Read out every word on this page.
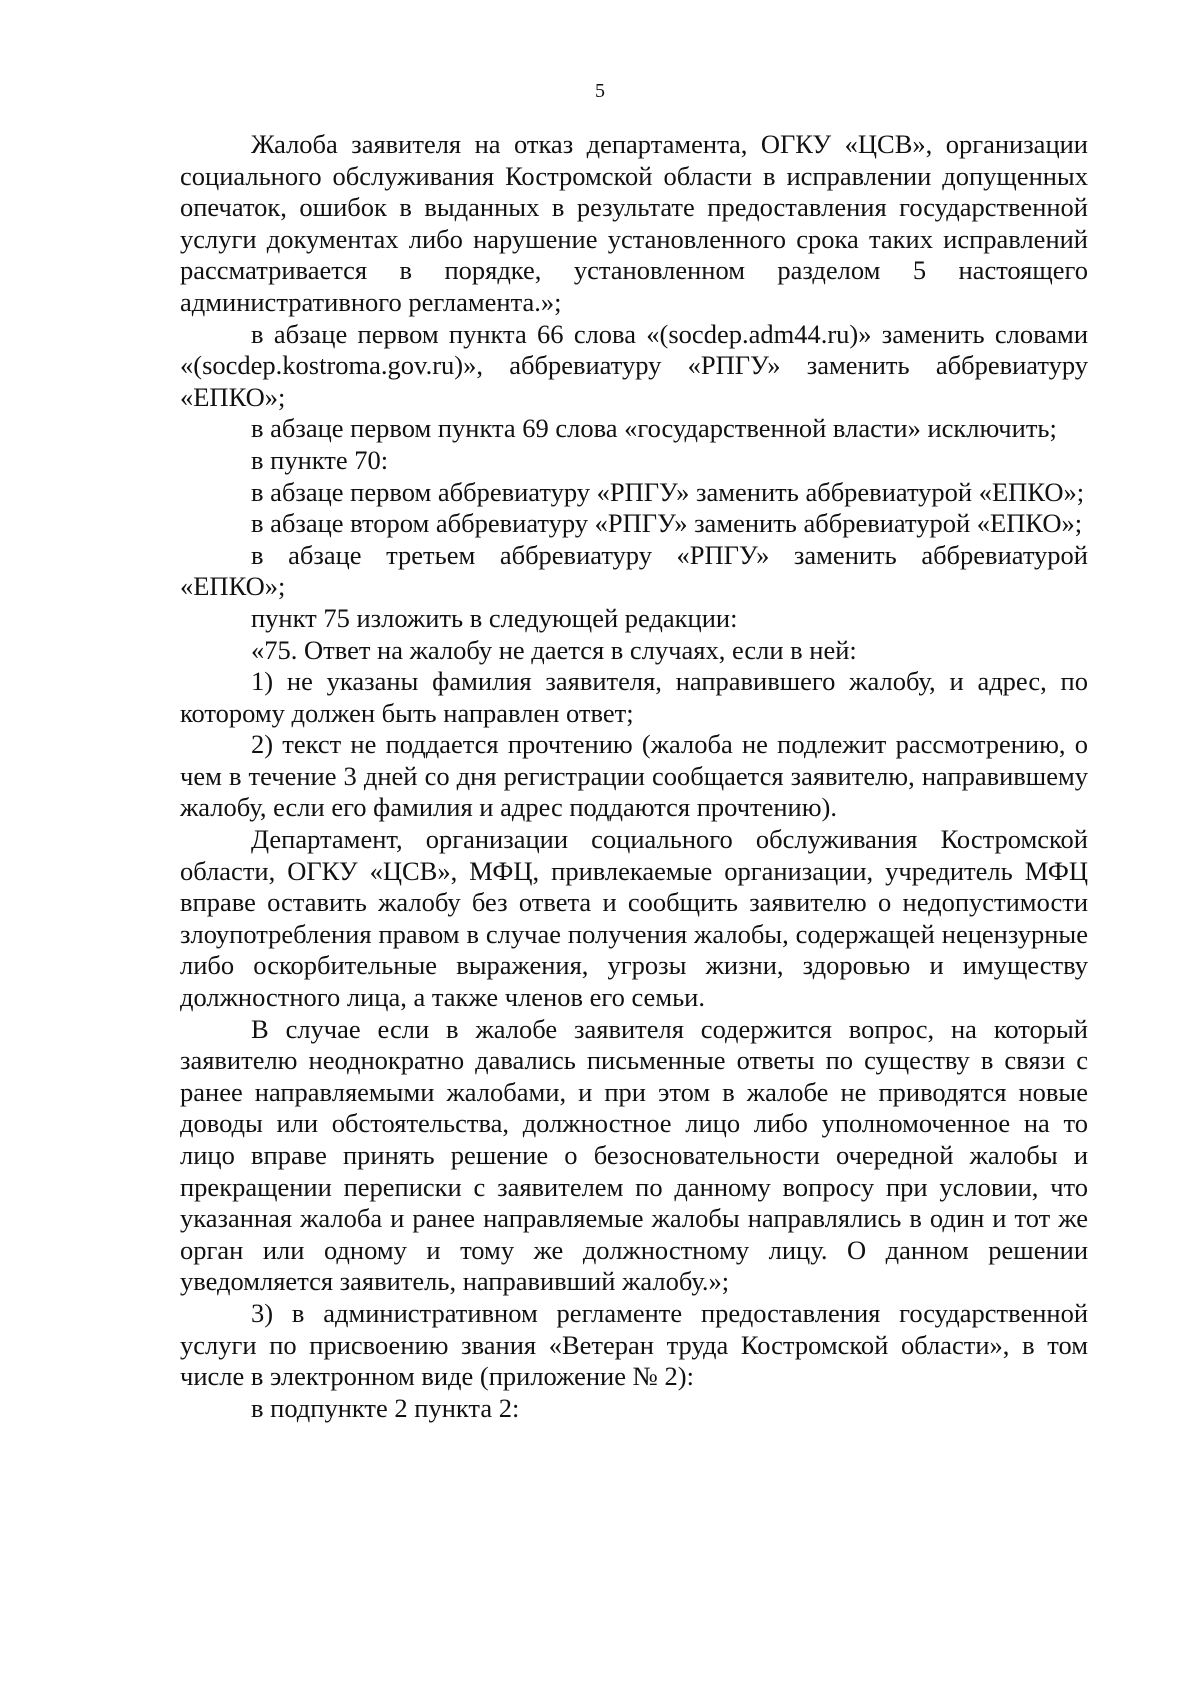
5

Жалоба заявителя на отказ департамента, ОГКУ «ЦСВ», организации социального обслуживания Костромской области в исправлении допущенных опечаток, ошибок в выданных в результате предоставления государственной услуги документах либо нарушение установленного срока таких исправлений рассматривается в порядке, установленном разделом 5 настоящего административного регламента.»;

в абзаце первом пункта 66 слова «(socdep.adm44.ru)» заменить словами «(socdep.kostroma.gov.ru)», аббревиатуру «РПГУ» заменить аббревиатуру «ЕПКО»;

в абзаце первом пункта 69 слова «государственной власти» исключить;

в пункте 70:

в абзаце первом аббревиатуру «РПГУ» заменить аббревиатурой «ЕПКО»;

в абзаце втором аббревиатуру «РПГУ» заменить аббревиатурой «ЕПКО»;

в абзаце третьем аббревиатуру «РПГУ» заменить аббревиатурой «ЕПКО»;

пункт 75 изложить в следующей редакции:

«75. Ответ на жалобу не дается в случаях, если в ней:

1) не указаны фамилия заявителя, направившего жалобу, и адрес, по которому должен быть направлен ответ;

2) текст не поддается прочтению (жалоба не подлежит рассмотрению, о чем в течение 3 дней со дня регистрации сообщается заявителю, направившему жалобу, если его фамилия и адрес поддаются прочтению).

Департамент, организации социального обслуживания Костромской области, ОГКУ «ЦСВ», МФЦ, привлекаемые организации, учредитель МФЦ вправе оставить жалобу без ответа и сообщить заявителю о недопустимости злоупотребления правом в случае получения жалобы, содержащей нецензурные либо оскорбительные выражения, угрозы жизни, здоровью и имуществу должностного лица, а также членов его семьи.

В случае если в жалобе заявителя содержится вопрос, на который заявителю неоднократно давались письменные ответы по существу в связи с ранее направляемыми жалобами, и при этом в жалобе не приводятся новые доводы или обстоятельства, должностное лицо либо уполномоченное на то лицо вправе принять решение о безосновательности очередной жалобы и прекращении переписки с заявителем по данному вопросу при условии, что указанная жалоба и ранее направляемые жалобы направлялись в один и тот же орган или одному и тому же должностному лицу. О данном решении уведомляется заявитель, направивший жалобу.»;

3) в административном регламенте предоставления государственной услуги по присвоению звания «Ветеран труда Костромской области», в том числе в электронном виде (приложение № 2):

в подпункте 2 пункта 2:
